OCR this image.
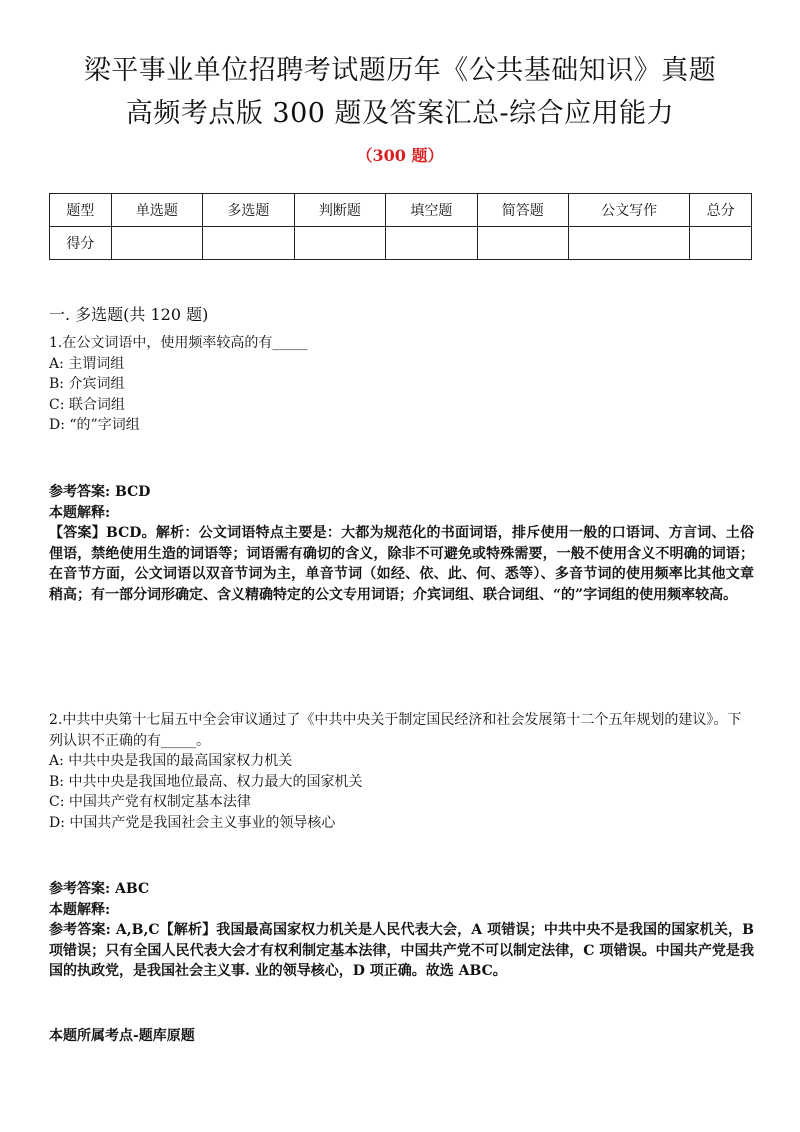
梁平事业单位招聘考试题历年《公共基础知识》真题
高频考点版 300 题及答案汇总-综合应用能力
（300 题）
题型	单选题	多选题	判断题	填空题	简答题	公文写作	总分
得分							
一. 多选题(共 120 题)
1.在公文词语中，使用频率较高的有_____
A: 主谓词组
B: 介宾词组
C: 联合词组
D: “的”字词组
参考答案: BCD
本题解释:
【答案】BCD。解析：公文词语特点主要是：大都为规范化的书面词语，排斥使用一般的口语词、方言词、土俗俚语，禁绝使用生造的词语等；词语需有确切的含义，除非不可避免或特殊需要，一般不使用含义不明确的词语；在音节方面，公文词语以双音节词为主，单音节词（如经、依、此、何、悉等）、多音节词的使用频率比其他文章稍高；有一部分词形确定、含义精确特定的公文专用词语；介宾词组、联合词组、“的”字词组的使用频率较高。
2.中共中央第十七届五中全会审议通过了《中共中央关于制定国民经济和社会发展第十二个五年规划的建议》。下列认识不正确的有_____。
A: 中共中央是我国的最高国家权力机关
B: 中共中央是我国地位最高、权力最大的国家机关
C: 中国共产党有权制定基本法律
D: 中国共产党是我国社会主义事业的领导核心
参考答案: ABC
本题解释:
参考答案: A,B,C【解析】我国最高国家权力机关是人民代表大会，A 项错误；中共中央不是我国的国家机关，B 项错误；只有全国人民代表大会才有权利制定基本法律，中国共产党不可以制定法律，C 项错误。中国共产党是我国的执政党，是我国社会主义事. 业的领导核心，D 项正确。故选 ABC。
本题所属考点-题库原题
